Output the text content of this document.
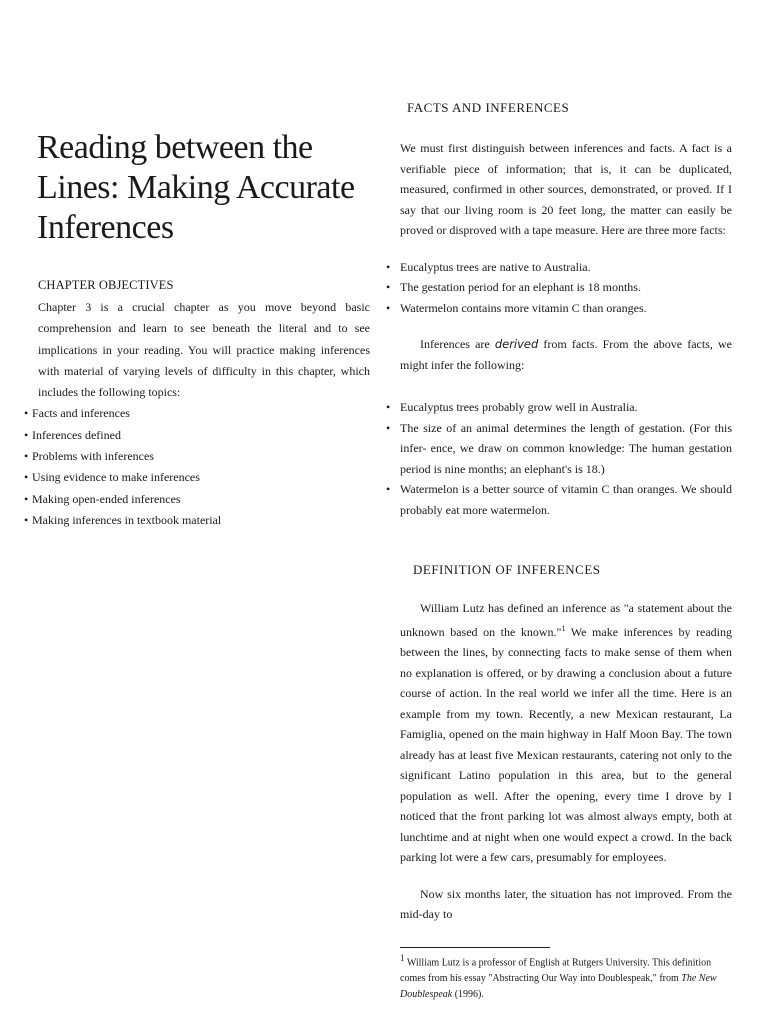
Reading between the Lines: Making Accurate Inferences
CHAPTER OBJECTIVES

Chapter 3 is a crucial chapter as you move beyond basic comprehension and learn to see beneath the literal and to see implications in your reading. You will practice making inferences with material of varying levels of difficulty in this chapter, which includes the following topics:

• Facts and inferences
• Inferences defined
• Problems with inferences
• Using evidence to make inferences
• Making open-ended inferences
• Making inferences in textbook material
FACTS AND INFERENCES

We must first distinguish between inferences and facts. A fact is a verifiable piece of information; that is, it can be duplicated, measured, confirmed in other sources, demonstrated, or proved. If I say that our living room is 20 feet long, the matter can easily be proved or disproved with a tape measure. Here are three more facts:

• Eucalyptus trees are native to Australia.
• The gestation period for an elephant is 18 months.
• Watermelon contains more vitamin C than oranges.

Inferences are derived from facts. From the above facts, we might infer the following:

• Eucalyptus trees probably grow well in Australia.
• The size of an animal determines the length of gestation. (For this infer- ence, we draw on common knowledge: The human gestation period is nine months; an elephant's is 18.)
• Watermelon is a better source of vitamin C than oranges. We should probably eat more watermelon.
DEFINITION OF INFERENCES

William Lutz has defined an inference as "a statement about the unknown based on the known."$^1$ We make inferences by reading between the lines, by connecting facts to make sense of them when no explanation is offered, or by drawing a conclusion about a future course of action. In the real world we infer all the time. Here is an example from my town. Recently, a new Mexican restaurant, La Famiglia, opened on the main highway in Half Moon Bay. The town already has at least five Mexican restaurants, catering not only to the significant Latino population in this area, but to the general population as well. After the opening, every time I drove by I noticed that the front parking lot was almost always empty, both at lunchtime and at night when one would expect a crowd. In the back parking lot were a few cars, presumably for employees.

Now six months later, the situation has not improved. From the mid-day to

$^1$ William Lutz is a professor of English at Rutgers University. This definition comes from his essay "Abstracting Our Way into Doublespeak," from The New Doublespeak (1996).
